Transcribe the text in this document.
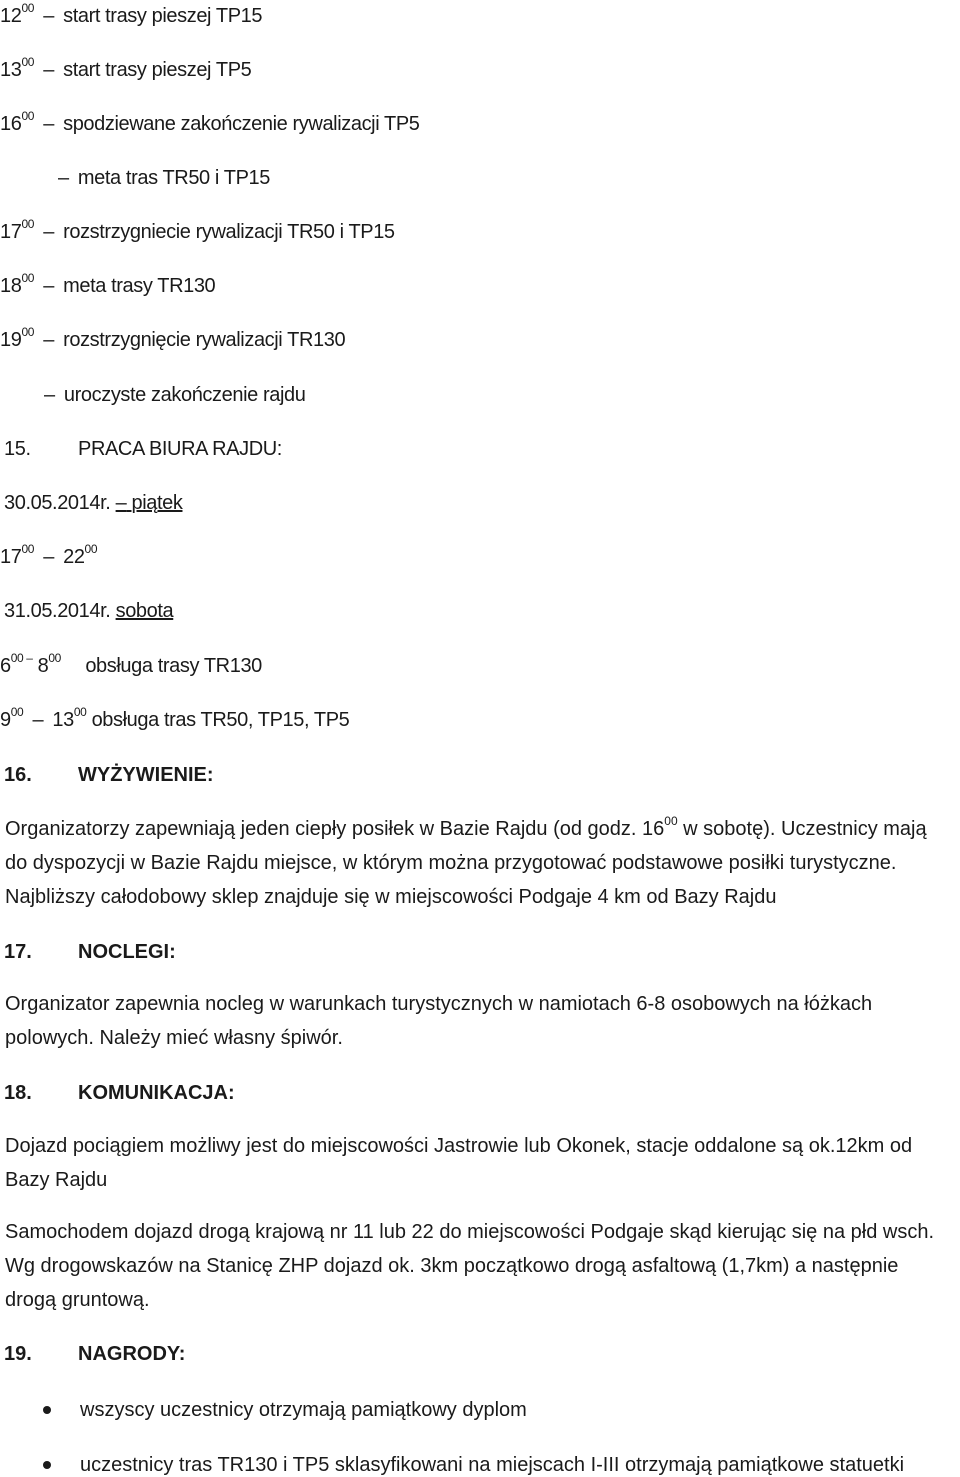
$12^{00}$ – start trasy pieszej TP15
$13^{00}$ – start trasy pieszej TP5
$16^{00}$ – spodziewane zakończenie rywalizacji TP5
– meta tras TR50 i TP15
$17^{00}$ – rozstrzygniecie rywalizacji TR50 i TP15
$18^{00}$ – meta trasy TR130
$19^{00}$ – rozstrzygnięcie rywalizacji TR130
– uroczyste zakończenie rajdu
15. PRACA BIURA RAJDU:
30.05.2014r. – piątek
$17^{00} - 22^{00}$
31.05.2014r. sobota
$6^{00 -}$ $8^{00}$ obsługa trasy TR130
$9^{00} - 13^{00}$ obsługa tras TR50, TP15, TP5
16. WYŻYWIENIE:
Organizatorzy zapewniają jeden ciepły posiłek w Bazie Rajdu (od godz. $16^{00}$ w sobotę). Uczestnicy mają do dyspozycji w Bazie Rajdu miejsce, w którym można przygotować podstawowe posiłki turystyczne. Najbliższy całodobowy sklep znajduje się w miejscowości Podgaje 4 km od Bazy Rajdu
17. NOCLEGI:
Organizator zapewnia nocleg w warunkach turystycznych w namiotach 6-8 osobowych na łóżkach polowych. Należy mieć własny śpiwór.
18. KOMUNIKACJA:
Dojazd pociągiem możliwy jest do miejscowości Jastrowie lub Okonek, stacje oddalone są ok.12km od Bazy Rajdu
Samochodem dojazd drogą krajową nr 11 lub 22 do miejscowości Podgaje skąd kierując się na płd wsch. Wg drogowskazów na Stanicę ZHP dojazd ok. 3km początkowo drogą asfaltową (1,7km) a następnie drogą gruntową.
19. NAGRODY:
wszyscy uczestnicy otrzymają pamiątkowy dyplom
uczestnicy tras TR130 i TP5 sklasyfikowani na miejscach I-III otrzymają pamiątkowe statuetki
